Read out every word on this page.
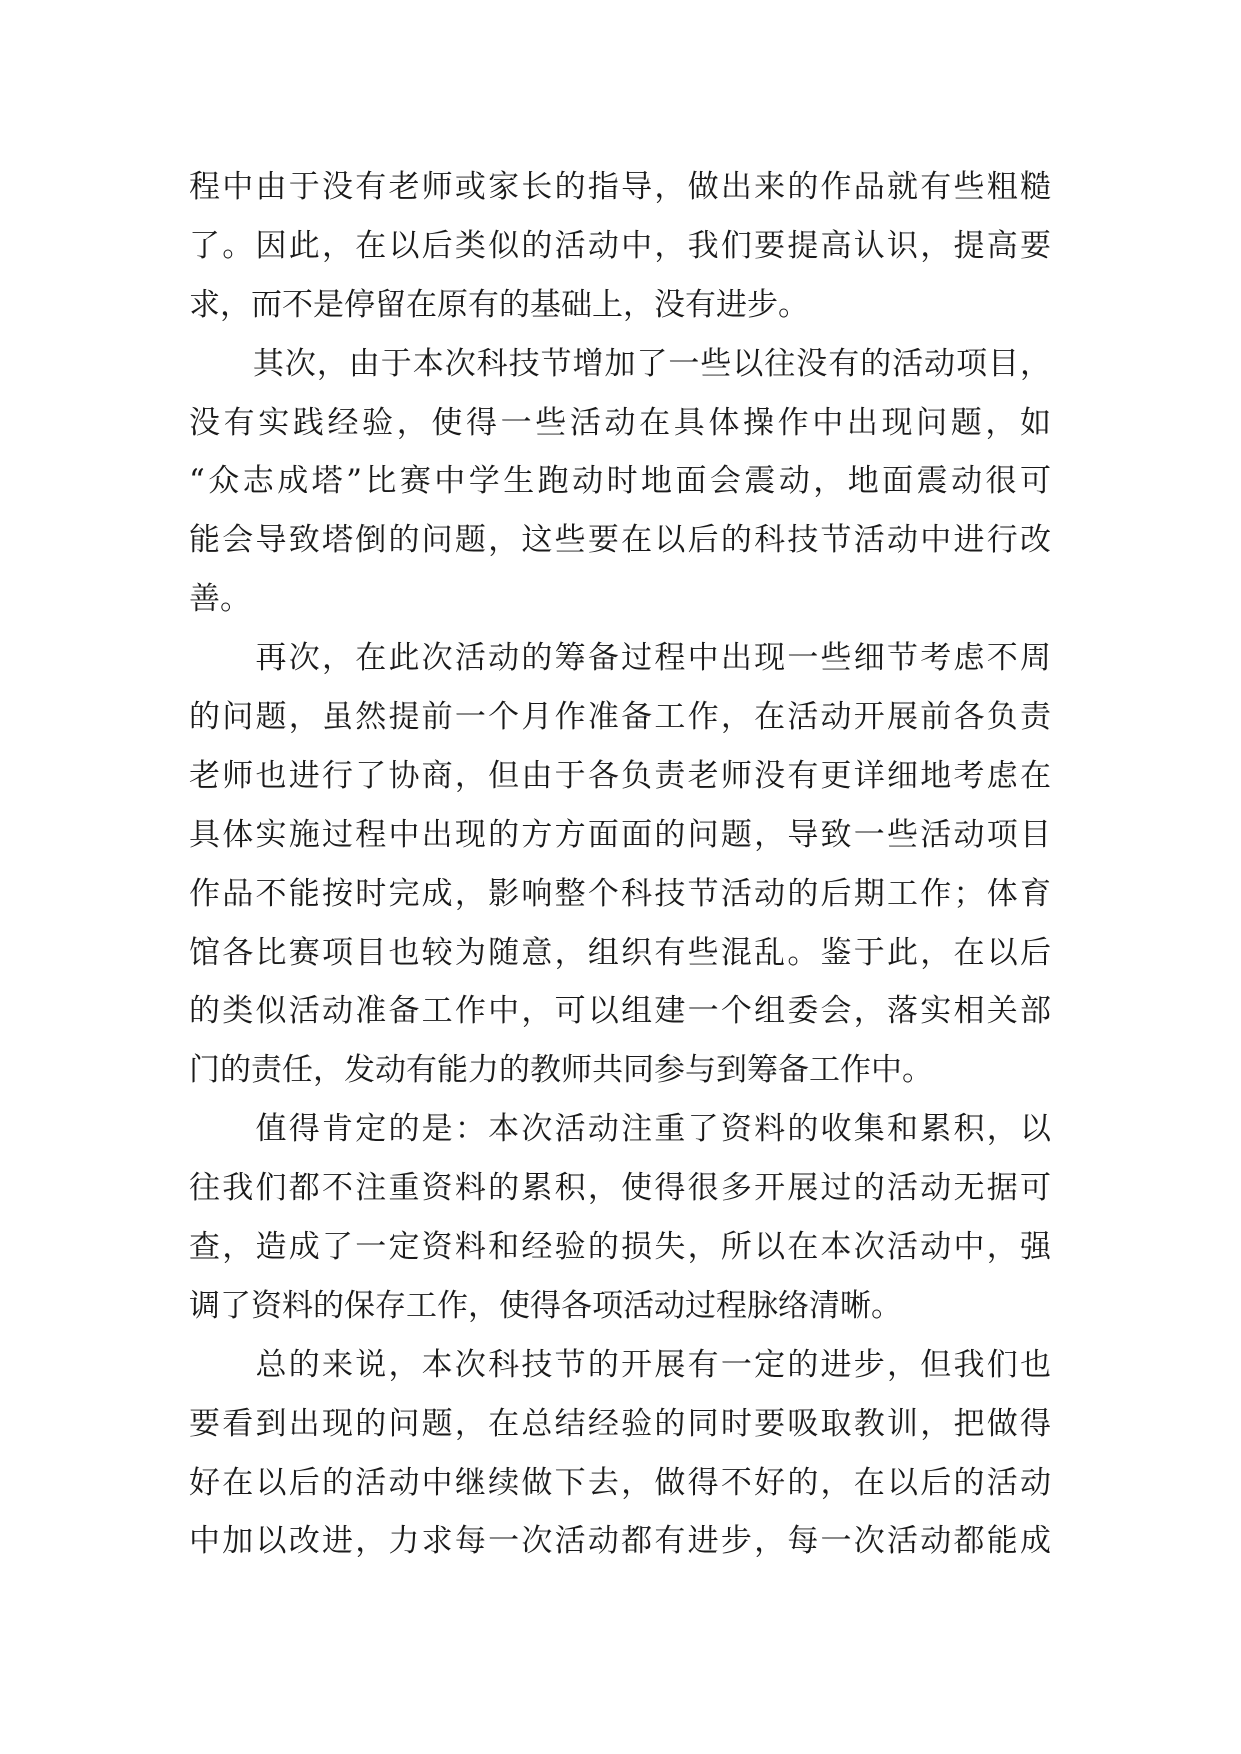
程中由于没有老师或家长的指导，做出来的作品就有些粗糙
了。因此，在以后类似的活动中，我们要提高认识，提高要
求，而不是停留在原有的基础上，没有进步。
　　其次，由于本次科技节增加了一些以往没有的活动项目，
没有实践经验，使得一些活动在具体操作中出现问题，如
“众志成塔”比赛中学生跑动时地面会震动，地面震动很可
能会导致塔倒的问题，这些要在以后的科技节活动中进行改
善。
　　再次，在此次活动的筹备过程中出现一些细节考虑不周
的问题，虽然提前一个月作准备工作，在活动开展前各负责
老师也进行了协商，但由于各负责老师没有更详细地考虑在
具体实施过程中出现的方方面面的问题，导致一些活动项目
作品不能按时完成，影响整个科技节活动的后期工作；体育
馆各比赛项目也较为随意，组织有些混乱。鉴于此，在以后
的类似活动准备工作中，可以组建一个组委会，落实相关部
门的责任，发动有能力的教师共同参与到筹备工作中。
　　值得肯定的是：本次活动注重了资料的收集和累积，以
往我们都不注重资料的累积，使得很多开展过的活动无据可
查，造成了一定资料和经验的损失，所以在本次活动中，强
调了资料的保存工作，使得各项活动过程脉络清晰。
　　总的来说，本次科技节的开展有一定的进步，但我们也
要看到出现的问题，在总结经验的同时要吸取教训，把做得
好在以后的活动中继续做下去，做得不好的，在以后的活动
中加以改进，力求每一次活动都有进步，每一次活动都能成
